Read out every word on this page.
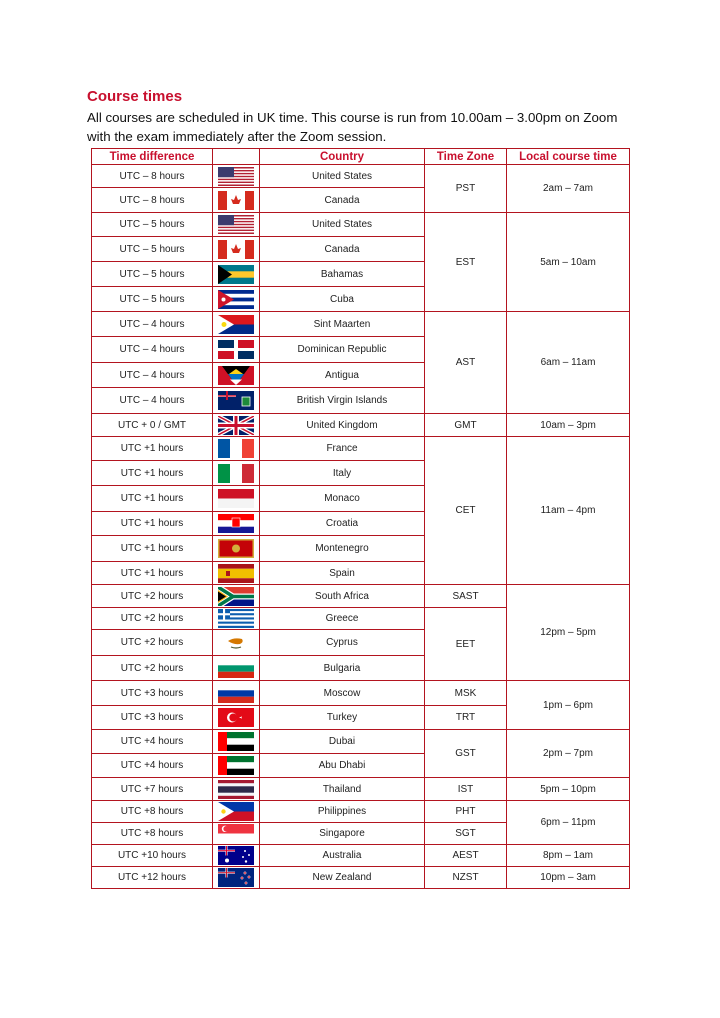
Course times

All courses are scheduled in UK time. This course is run from 10.00am – 3.00pm on Zoom with the exam immediately after the Zoom session.

Time difference		Country	Time Zone	Local course time
UTC – 8 hours		United States	PST	2am – 7am
UTC – 8 hours		Canada		
UTC – 5 hours		United States	EST	5am – 10am
UTC – 5 hours		Canada		
UTC – 5 hours		Bahamas		
UTC – 5 hours		Cuba		
UTC – 4 hours		Sint Maarten	AST	6am – 11am
UTC – 4 hours		Dominican Republic		
UTC – 4 hours		Antigua		
UTC – 4 hours		British Virgin Islands		
UTC + 0 / GMT		United Kingdom	GMT	10am – 3pm
UTC +1 hours		France	CET	11am – 4pm
UTC +1 hours		Italy		
UTC +1 hours		Monaco		
UTC +1 hours		Croatia		
UTC +1 hours		Montenegro		
UTC +1 hours		Spain		
UTC +2 hours		South Africa	SAST	12pm – 5pm
UTC +2 hours		Greece	EET	
UTC +2 hours		Cyprus		
UTC +2 hours		Bulgaria		
UTC +3 hours		Moscow	MSK	1pm – 6pm
UTC +3 hours		Turkey	TRT	
UTC +4 hours		Dubai	GST	2pm – 7pm
UTC +4 hours		Abu Dhabi		
UTC +7 hours		Thailand	IST	5pm – 10pm
UTC +8 hours		Philippines	PHT	6pm – 11pm
UTC +8 hours		Singapore	SGT	
UTC +10 hours		Australia	AEST	8pm – 1am
UTC +12 hours		New Zealand	NZST	10pm – 3am
